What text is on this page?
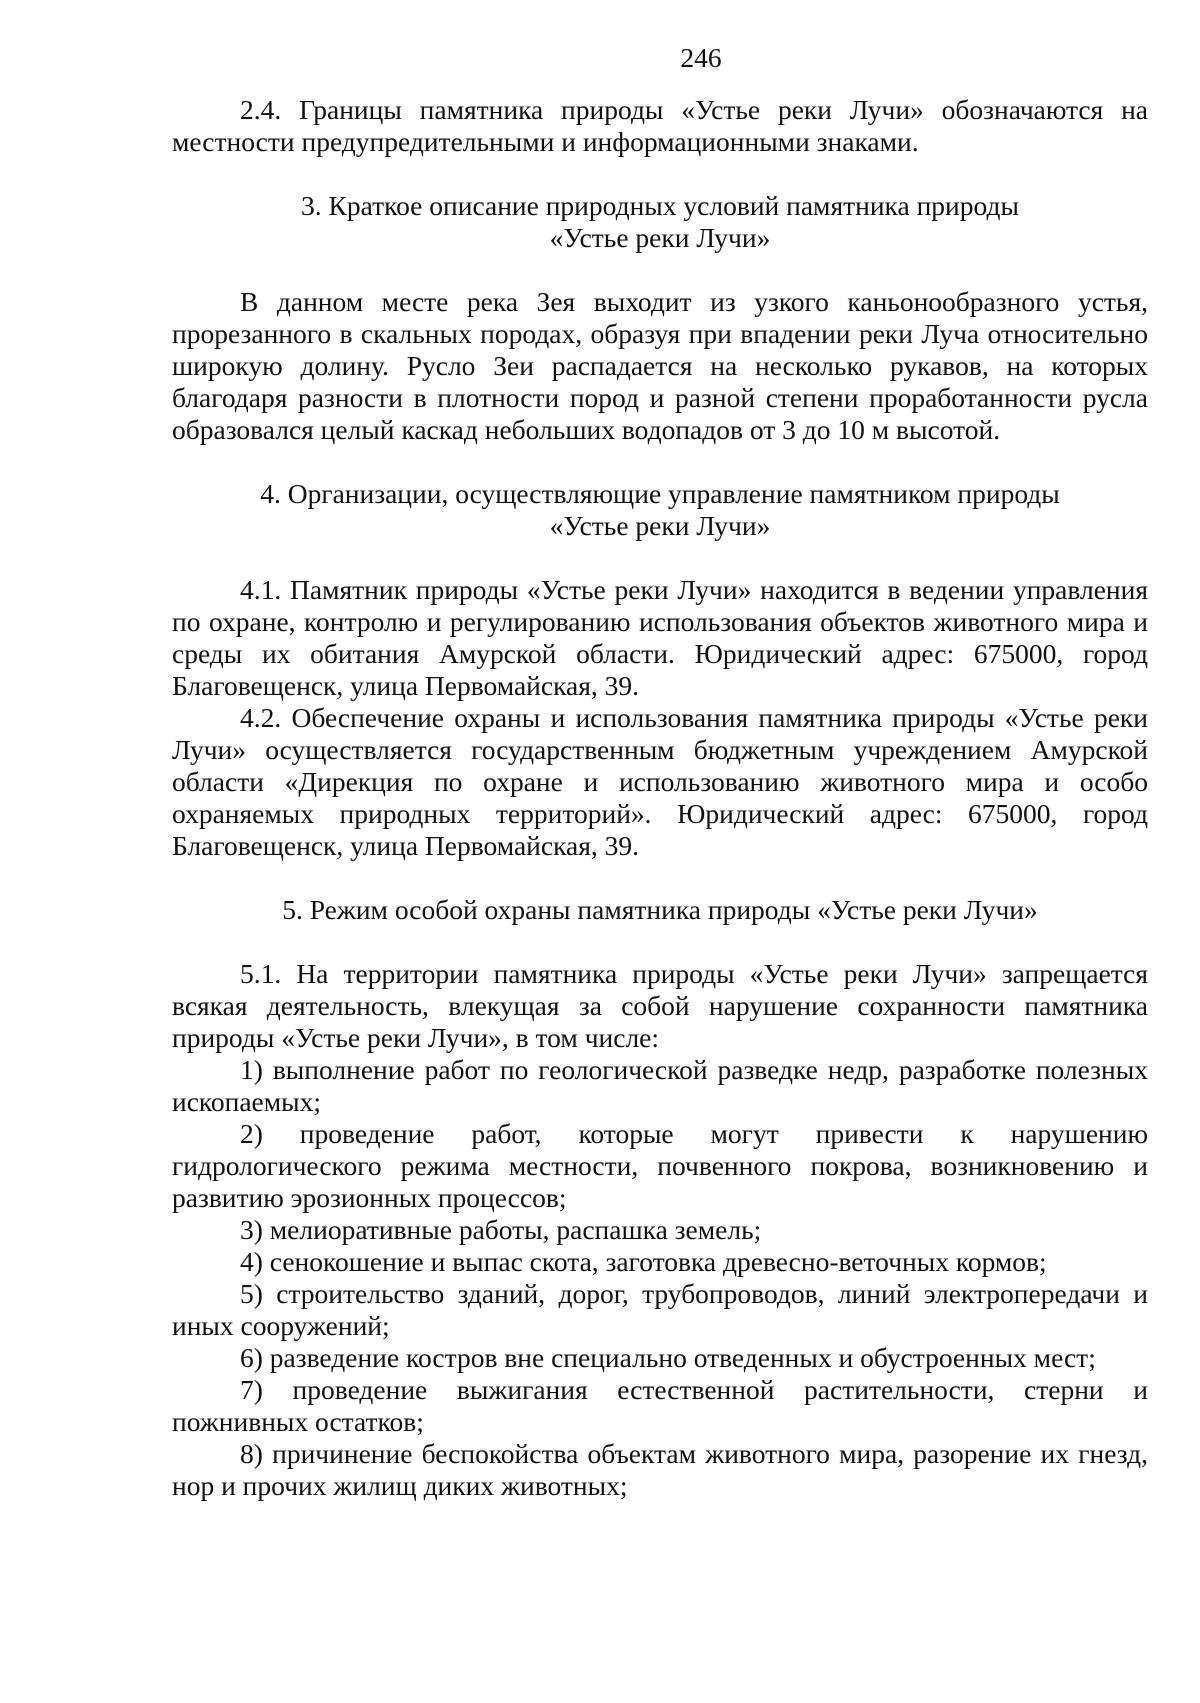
246

2.4. Границы памятника природы «Устье реки Лучи» обозначаются на местности предупредительными и информационными знаками.

3. Краткое описание природных условий памятника природы
«Устье реки Лучи»

В данном месте река Зея выходит из узкого каньонообразного устья, прорезанного в скальных породах, образуя при впадении реки Луча относительно широкую долину. Русло Зеи распадается на несколько рукавов, на которых благодаря разности в плотности пород и разной степени проработанности русла образовался целый каскад небольших водопадов от 3 до 10 м высотой.

4. Организации, осуществляющие управление памятником природы
«Устье реки Лучи»

4.1. Памятник природы «Устье реки Лучи» находится в ведении управления по охране, контролю и регулированию использования объектов животного мира и среды их обитания Амурской области. Юридический адрес: 675000, город Благовещенск, улица Первомайская, 39.

4.2. Обеспечение охраны и использования памятника природы «Устье реки Лучи» осуществляется государственным бюджетным учреждением Амурской области «Дирекция по охране и использованию животного мира и особо охраняемых природных территорий». Юридический адрес: 675000, город Благовещенск, улица Первомайская, 39.

5. Режим особой охраны памятника природы «Устье реки Лучи»

5.1. На территории памятника природы «Устье реки Лучи» запрещается всякая деятельность, влекущая за собой нарушение сохранности памятника природы «Устье реки Лучи», в том числе:

1) выполнение работ по геологической разведке недр, разработке полезных ископаемых;

2) проведение работ, которые могут привести к нарушению гидрологического режима местности, почвенного покрова, возникновению и развитию эрозионных процессов;

3) мелиоративные работы, распашка земель;

4) сенокошение и выпас скота, заготовка древесно-веточных кормов;

5) строительство зданий, дорог, трубопроводов, линий электропередачи и иных сооружений;

6) разведение костров вне специально отведенных и обустроенных мест;

7) проведение выжигания естественной растительности, стерни и пожнивных остатков;

8) причинение беспокойства объектам животного мира, разорение их гнезд, нор и прочих жилищ диких животных;
